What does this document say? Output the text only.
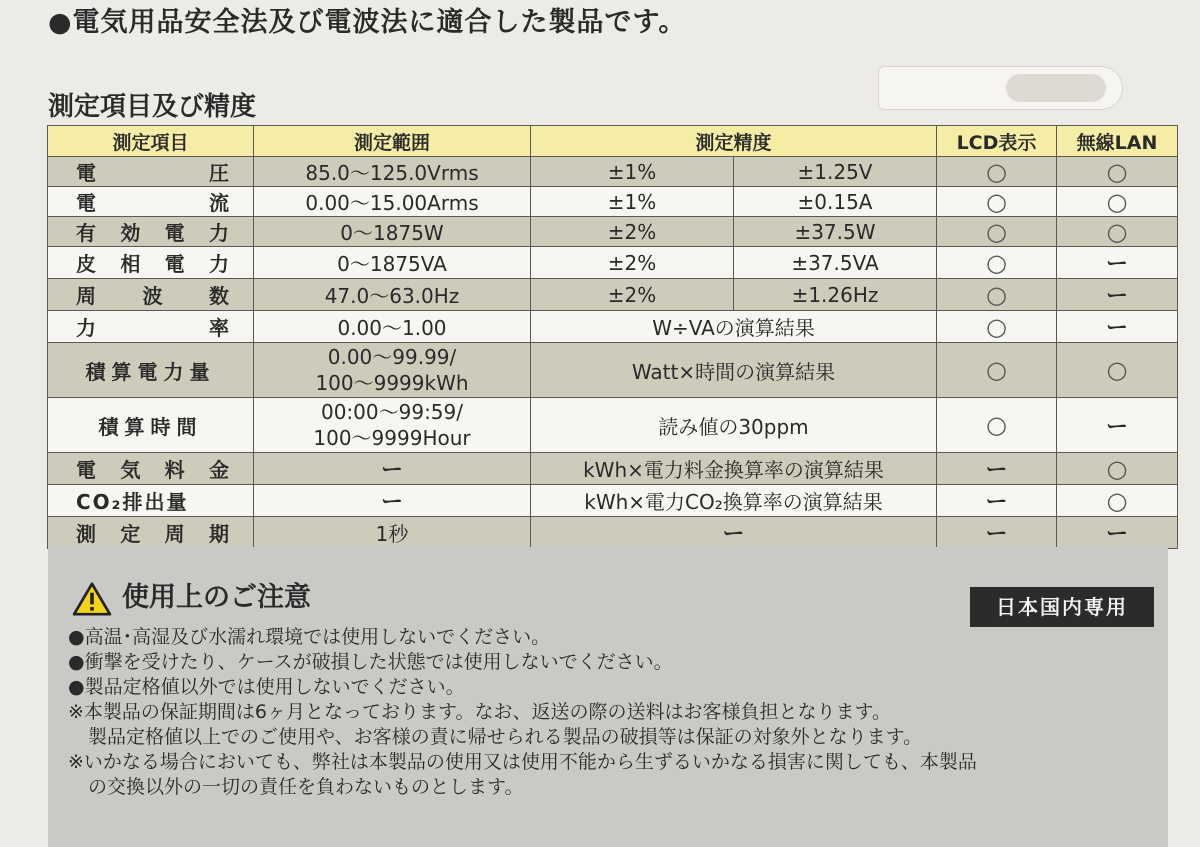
●電気用品安全法及び電波法に適合した製品です。
測定項目及び精度
測定項目	測定範囲	測定精度		LCD表示	無線LAN

電 圧	85.0～125.0Vrms	±1%	±1.25V	○	○

電 流	0.00～15.00Arms	±1%	±0.15A	○	○

有 効 電 力	0～1875W	±2%	±37.5W	○	○

皮 相 電 力	0～1875VA	±2%	±37.5VA	○	ー

周 波 数	47.0～63.0Hz	±2%	±1.26Hz	○	ー

力 率	0.00～1.00	W÷VAの演算結果		○	ー

積算電力量	0.00～99.99/
100～9999kWh	Watt×時間の演算結果		○	○

積算時間	00:00～99:59/
100～9999Hour	読み値の30ppm		○	ー

電 気 料 金	ー	kWh×電力料金換算率の演算結果		ー	○

CO₂排出量	ー	kWh×電力CO₂換算率の演算結果		ー	○

測 定 周 期	1秒	ー		ー	ー
使用上のご注意	日本国内専用
●高温･高湿及び水濡れ環境では使用しないでください。
●衝撃を受けたり、ケースが破損した状態では使用しないでください。
●製品定格値以外では使用しないでください。
※本製品の保証期間は6ヶ月となっております。なお、返送の際の送料はお客様負担となります。
製品定格値以上でのご使用や、お客様の責に帰せられる製品の破損等は保証の対象外となります。
※いかなる場合においても、弊社は本製品の使用又は使用不能から生ずるいかなる損害に関しても、本製品
の交換以外の一切の責任を負わないものとします。
